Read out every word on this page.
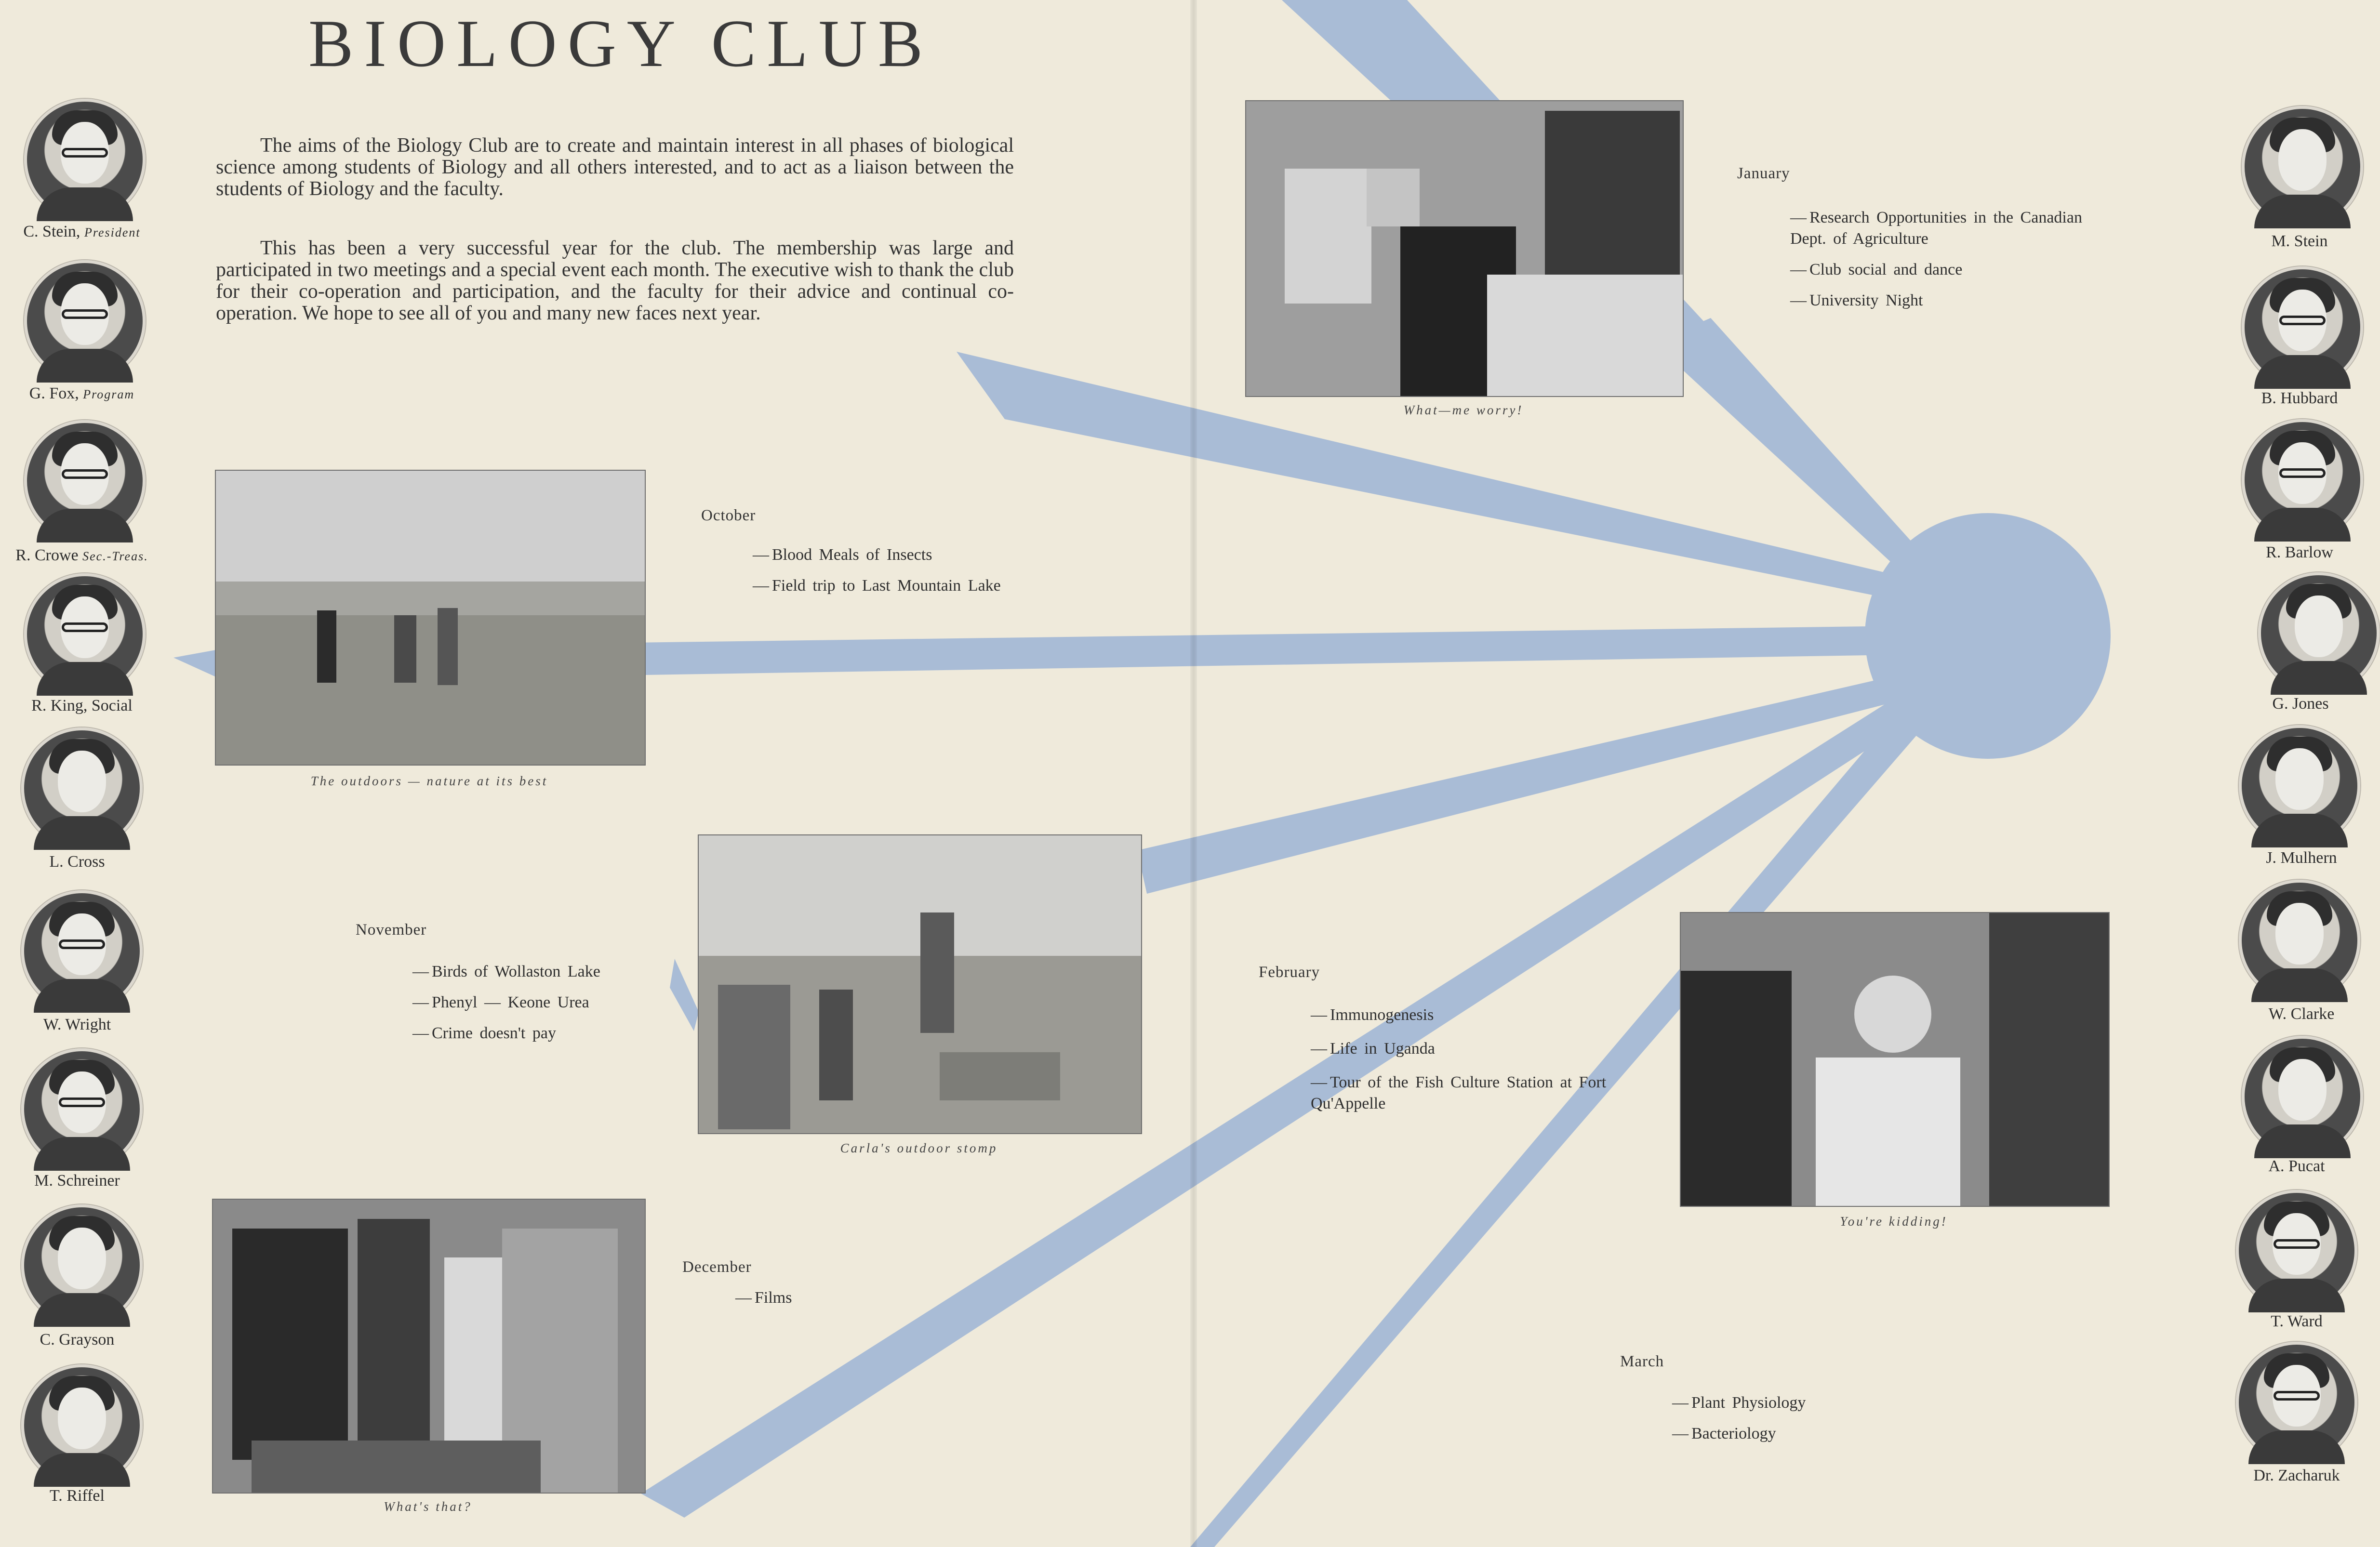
BIOLOGY CLUB

The aims of the Biology Club are to create and maintain interest in all phases of biological science among students of Biology and all others interested, and to act as a liaison between the students of Biology and the faculty.

This has been a very successful year for the club. The membership was large and participated in two meetings and a special event each month. The executive wish to thank the club for their co-operation and participation, and the faculty for their advice and continual co-operation. We hope to see all of you and many new faces next year.

C. Stein, President
G. Fox, Program
R. Crowe Sec.-Treas.
R. King, Social
L. Cross
W. Wright
M. Schreiner
C. Grayson
T. Riffel
M. Stein
B. Hubbard
R. Barlow
G. Jones
J. Mulhern
W. Clarke
A. Pucat
T. Ward
Dr. Zacharuk
The outdoors — nature at its best
Carla's outdoor stomp
What's that?
What—me worry!
You're kidding!
October
— Blood Meals of Insects
— Field trip to Last Mountain Lake
November
— Birds of Wollaston Lake
— Phenyl — Keone Urea
— Crime doesn't pay
December
— Films
January
— Research Opportunities in the Canadian Dept. of Agriculture
— Club social and dance
— University Night
February
— Immunogenesis
— Life in Uganda
— Tour of the Fish Culture Station at Fort Qu'Appelle
March
— Plant Physiology
— Bacteriology
